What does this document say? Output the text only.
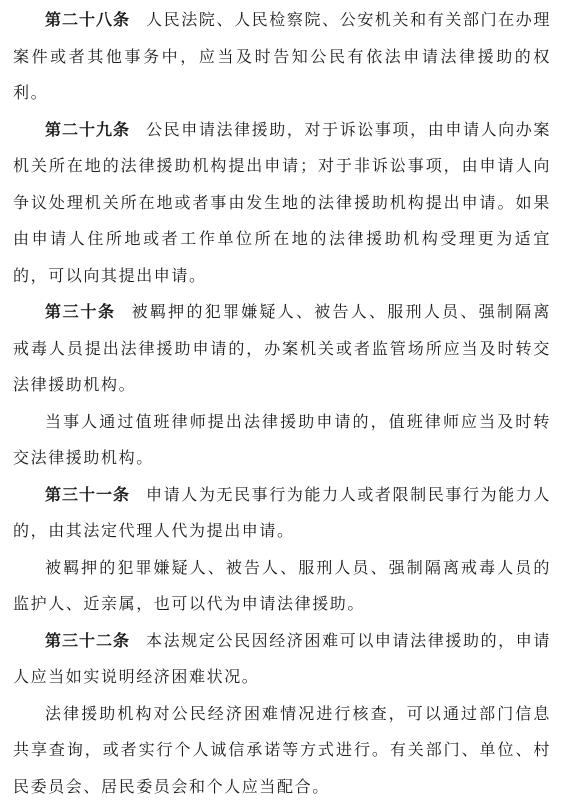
第二十八条 人民法院、人民检察院、公安机关和有关部门在办理案件或者其他事务中，应当及时告知公民有依法申请法律援助的权利。

第二十九条 公民申请法律援助，对于诉讼事项，由申请人向办案机关所在地的法律援助机构提出申请；对于非诉讼事项，由申请人向争议处理机关所在地或者事由发生地的法律援助机构提出申请。如果由申请人住所地或者工作单位所在地的法律援助机构受理更为适宜的，可以向其提出申请。

第三十条 被羁押的犯罪嫌疑人、被告人、服刑人员、强制隔离戒毒人员提出法律援助申请的，办案机关或者监管场所应当及时转交法律援助机构。

当事人通过值班律师提出法律援助申请的，值班律师应当及时转交法律援助机构。

第三十一条 申请人为无民事行为能力人或者限制民事行为能力人的，由其法定代理人代为提出申请。

被羁押的犯罪嫌疑人、被告人、服刑人员、强制隔离戒毒人员的监护人、近亲属，也可以代为申请法律援助。

第三十二条 本法规定公民因经济困难可以申请法律援助的，申请人应当如实说明经济困难状况。

法律援助机构对公民经济困难情况进行核查，可以通过部门信息共享查询，或者实行个人诚信承诺等方式进行。有关部门、单位、村民委员会、居民委员会和个人应当配合。
